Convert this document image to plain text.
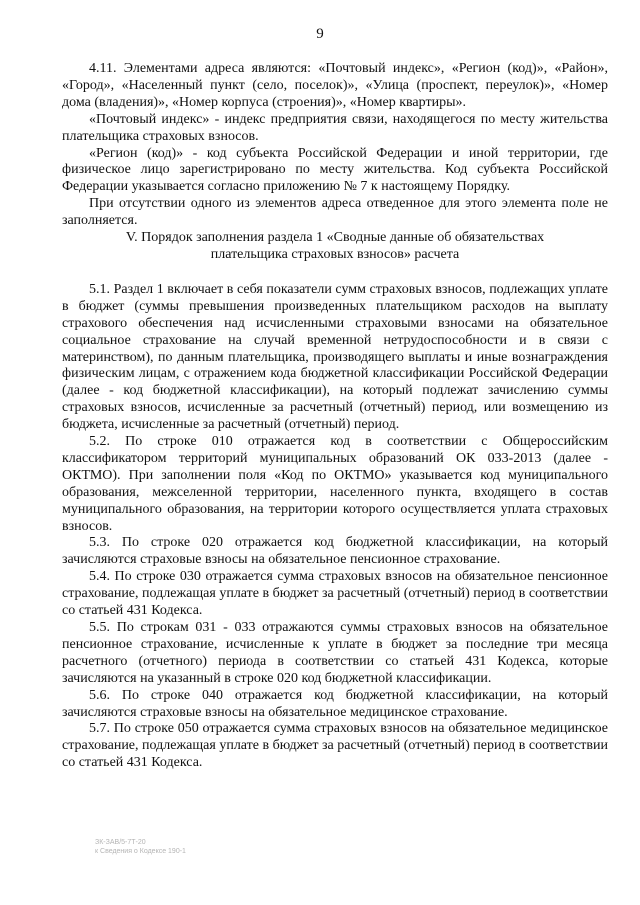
9

4.11. Элементами адреса являются: «Почтовый индекс», «Регион (код)», «Район», «Город», «Населенный пункт (село, поселок)», «Улица (проспект, переулок)», «Номер дома (владения)», «Номер корпуса (строения)», «Номер квартиры».

«Почтовый индекс» - индекс предприятия связи, находящегося по месту жительства плательщика страховых взносов.

«Регион (код)» - код субъекта Российской Федерации и иной территории, где физическое лицо зарегистрировано по месту жительства. Код субъекта Российской Федерации указывается согласно приложению № 7 к настоящему Порядку.

При отсутствии одного из элементов адреса отведенное для этого элемента поле не заполняется.

V. Порядок заполнения раздела 1 «Сводные данные об обязательствах плательщика страховых взносов» расчета

5.1. Раздел 1 включает в себя показатели сумм страховых взносов, подлежащих уплате в бюджет (суммы превышения произведенных плательщиком расходов на выплату страхового обеспечения над исчисленными страховыми взносами на обязательное социальное страхование на случай временной нетрудоспособности и в связи с материнством), по данным плательщика, производящего выплаты и иные вознаграждения физическим лицам, с отражением кода бюджетной классификации Российской Федерации (далее - код бюджетной классификации), на который подлежат зачислению суммы страховых взносов, исчисленные за расчетный (отчетный) период, или возмещению из бюджета, исчисленные за расчетный (отчетный) период.

5.2. По строке 010 отражается код в соответствии с Общероссийским классификатором территорий муниципальных образований ОК 033-2013 (далее - ОКТМО). При заполнении поля «Код по ОКТМО» указывается код муниципального образования, межселенной территории, населенного пункта, входящего в состав муниципального образования, на территории которого осуществляется уплата страховых взносов.

5.3. По строке 020 отражается код бюджетной классификации, на который зачисляются страховые взносы на обязательное пенсионное страхование.

5.4. По строке 030 отражается сумма страховых взносов на обязательное пенсионное страхование, подлежащая уплате в бюджет за расчетный (отчетный) период в соответствии со статьей 431 Кодекса.

5.5. По строкам 031 - 033 отражаются суммы страховых взносов на обязательное пенсионное страхование, исчисленные к уплате в бюджет за последние три месяца расчетного (отчетного) периода в соответствии со статьей 431 Кодекса, которые зачисляются на указанный в строке 020 код бюджетной классификации.

5.6. По строке 040 отражается код бюджетной классификации, на который зачисляются страховые взносы на обязательное медицинское страхование.

5.7. По строке 050 отражается сумма страховых взносов на обязательное медицинское страхование, подлежащая уплате в бюджет за расчетный (отчетный) период в соответствии со статьей 431 Кодекса.

ЗК-ЗАВ/5-7Т-20
к Сведения о Кодексе 190-1
